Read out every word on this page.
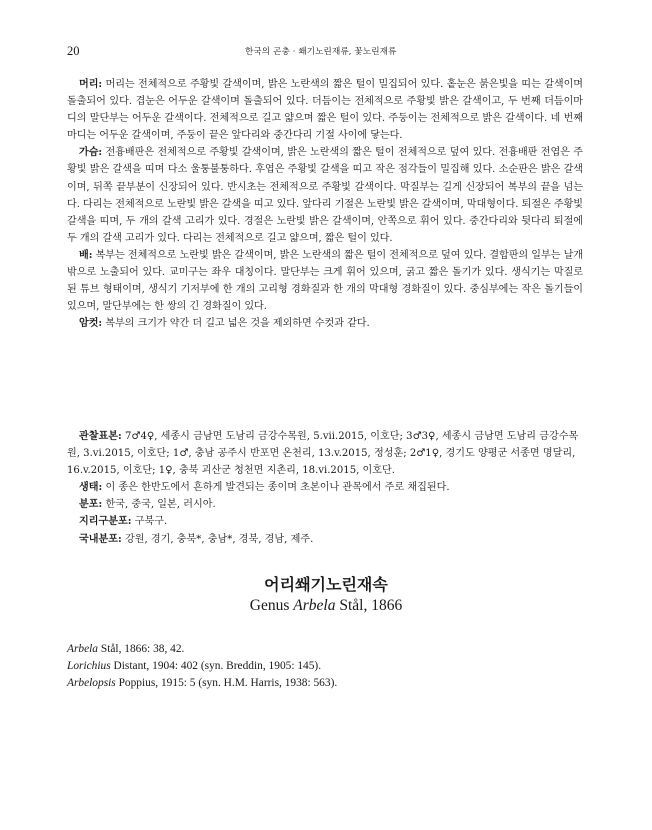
20	한국의 곤충 · 쐐기노린재류, 꽃노린재류

머리: 머리는 전체적으로 주황빛 갈색이며, 밝은 노란색의 짧은 털이 밀집되어 있다. 홑눈은 붉은빛을 띠는 갈색이며 돌출되어 있다. 겹눈은 어두운 갈색이며 돌출되어 있다. 더듬이는 전체적으로 주황빛 밝은 갈색이고, 두 번째 더듬이마디의 말단부는 어두운 갈색이다. 전체적으로 길고 얇으며 짧은 털이 있다. 주둥이는 전체적으로 밝은 갈색이다. 네 번째 마디는 어두운 갈색이며, 주둥이 끝은 앞다리와 중간다리 기절 사이에 닿는다.

가슴: 전흉배판은 전체적으로 주황빛 갈색이며, 밝은 노란색의 짧은 털이 전체적으로 덮여 있다. 전흉배판 전엽은 주황빛 밝은 갈색을 띠며 다소 울퉁불퉁하다. 후엽은 주황빛 갈색을 띠고 작은 점각들이 밀집해 있다. 소순판은 밝은 갈색이며, 뒤쪽 끝부분이 신장되어 있다. 반시초는 전체적으로 주황빛 갈색이다. 막질부는 길게 신장되어 복부의 끝을 넘는다. 다리는 전체적으로 노란빛 밝은 갈색을 띠고 있다. 앞다리 기절은 노란빛 밝은 갈색이며, 막대형이다. 퇴절은 주황빛 갈색을 띠며, 두 개의 갈색 고리가 있다. 경절은 노란빛 밝은 갈색이며, 안쪽으로 휘어 있다. 중간다리와 뒷다리 퇴절에 두 개의 갈색 고리가 있다. 다리는 전체적으로 길고 얇으며, 짧은 털이 있다.

배: 복부는 전체적으로 노란빛 밝은 갈색이며, 밝은 노란색의 짧은 털이 전체적으로 덮여 있다. 결합판의 일부는 날개 밖으로 노출되어 있다. 교미구는 좌우 대칭이다. 말단부는 크게 휘어 있으며, 굵고 짧은 돌기가 있다. 생식기는 막질로 된 튜브 형태이며, 생식기 기저부에 한 개의 고리형 경화질과 한 개의 막대형 경화질이 있다. 중심부에는 작은 돌기들이 있으며, 말단부에는 한 쌍의 긴 경화질이 있다.

암컷: 복부의 크기가 약간 더 길고 넓은 것을 제외하면 수컷과 같다.

관찰표본: 7♂4♀, 세종시 금남면 도남리 금강수목원, 5.vii.2015, 이호단; 3♂3♀, 세종시 금남면 도남리 금강수목원, 3.vi.2015, 이호단; 1♂, 충남 공주시 반포면 온천리, 13.v.2015, 정성훈; 2♂1♀, 경기도 양평군 서종면 명달리, 16.v.2015, 이호단; 1♀, 충북 괴산군 청천면 지촌리, 18.vi.2015, 이호단.

생태: 이 종은 한반도에서 흔하게 발견되는 종이며 초본이나 관목에서 주로 채집된다.

분포: 한국, 중국, 일본, 러시아.

지리구분포: 구북구.

국내분포: 강원, 경기, 충북*, 충남*, 경북, 경남, 제주.

어리쐐기노린재속
Genus Arbela Stål, 1866

Arbela Stål, 1866: 38, 42.

Lorichius Distant, 1904: 402 (syn. Breddin, 1905: 145).

Arbelopsis Poppius, 1915: 5 (syn. H.M. Harris, 1938: 563).
